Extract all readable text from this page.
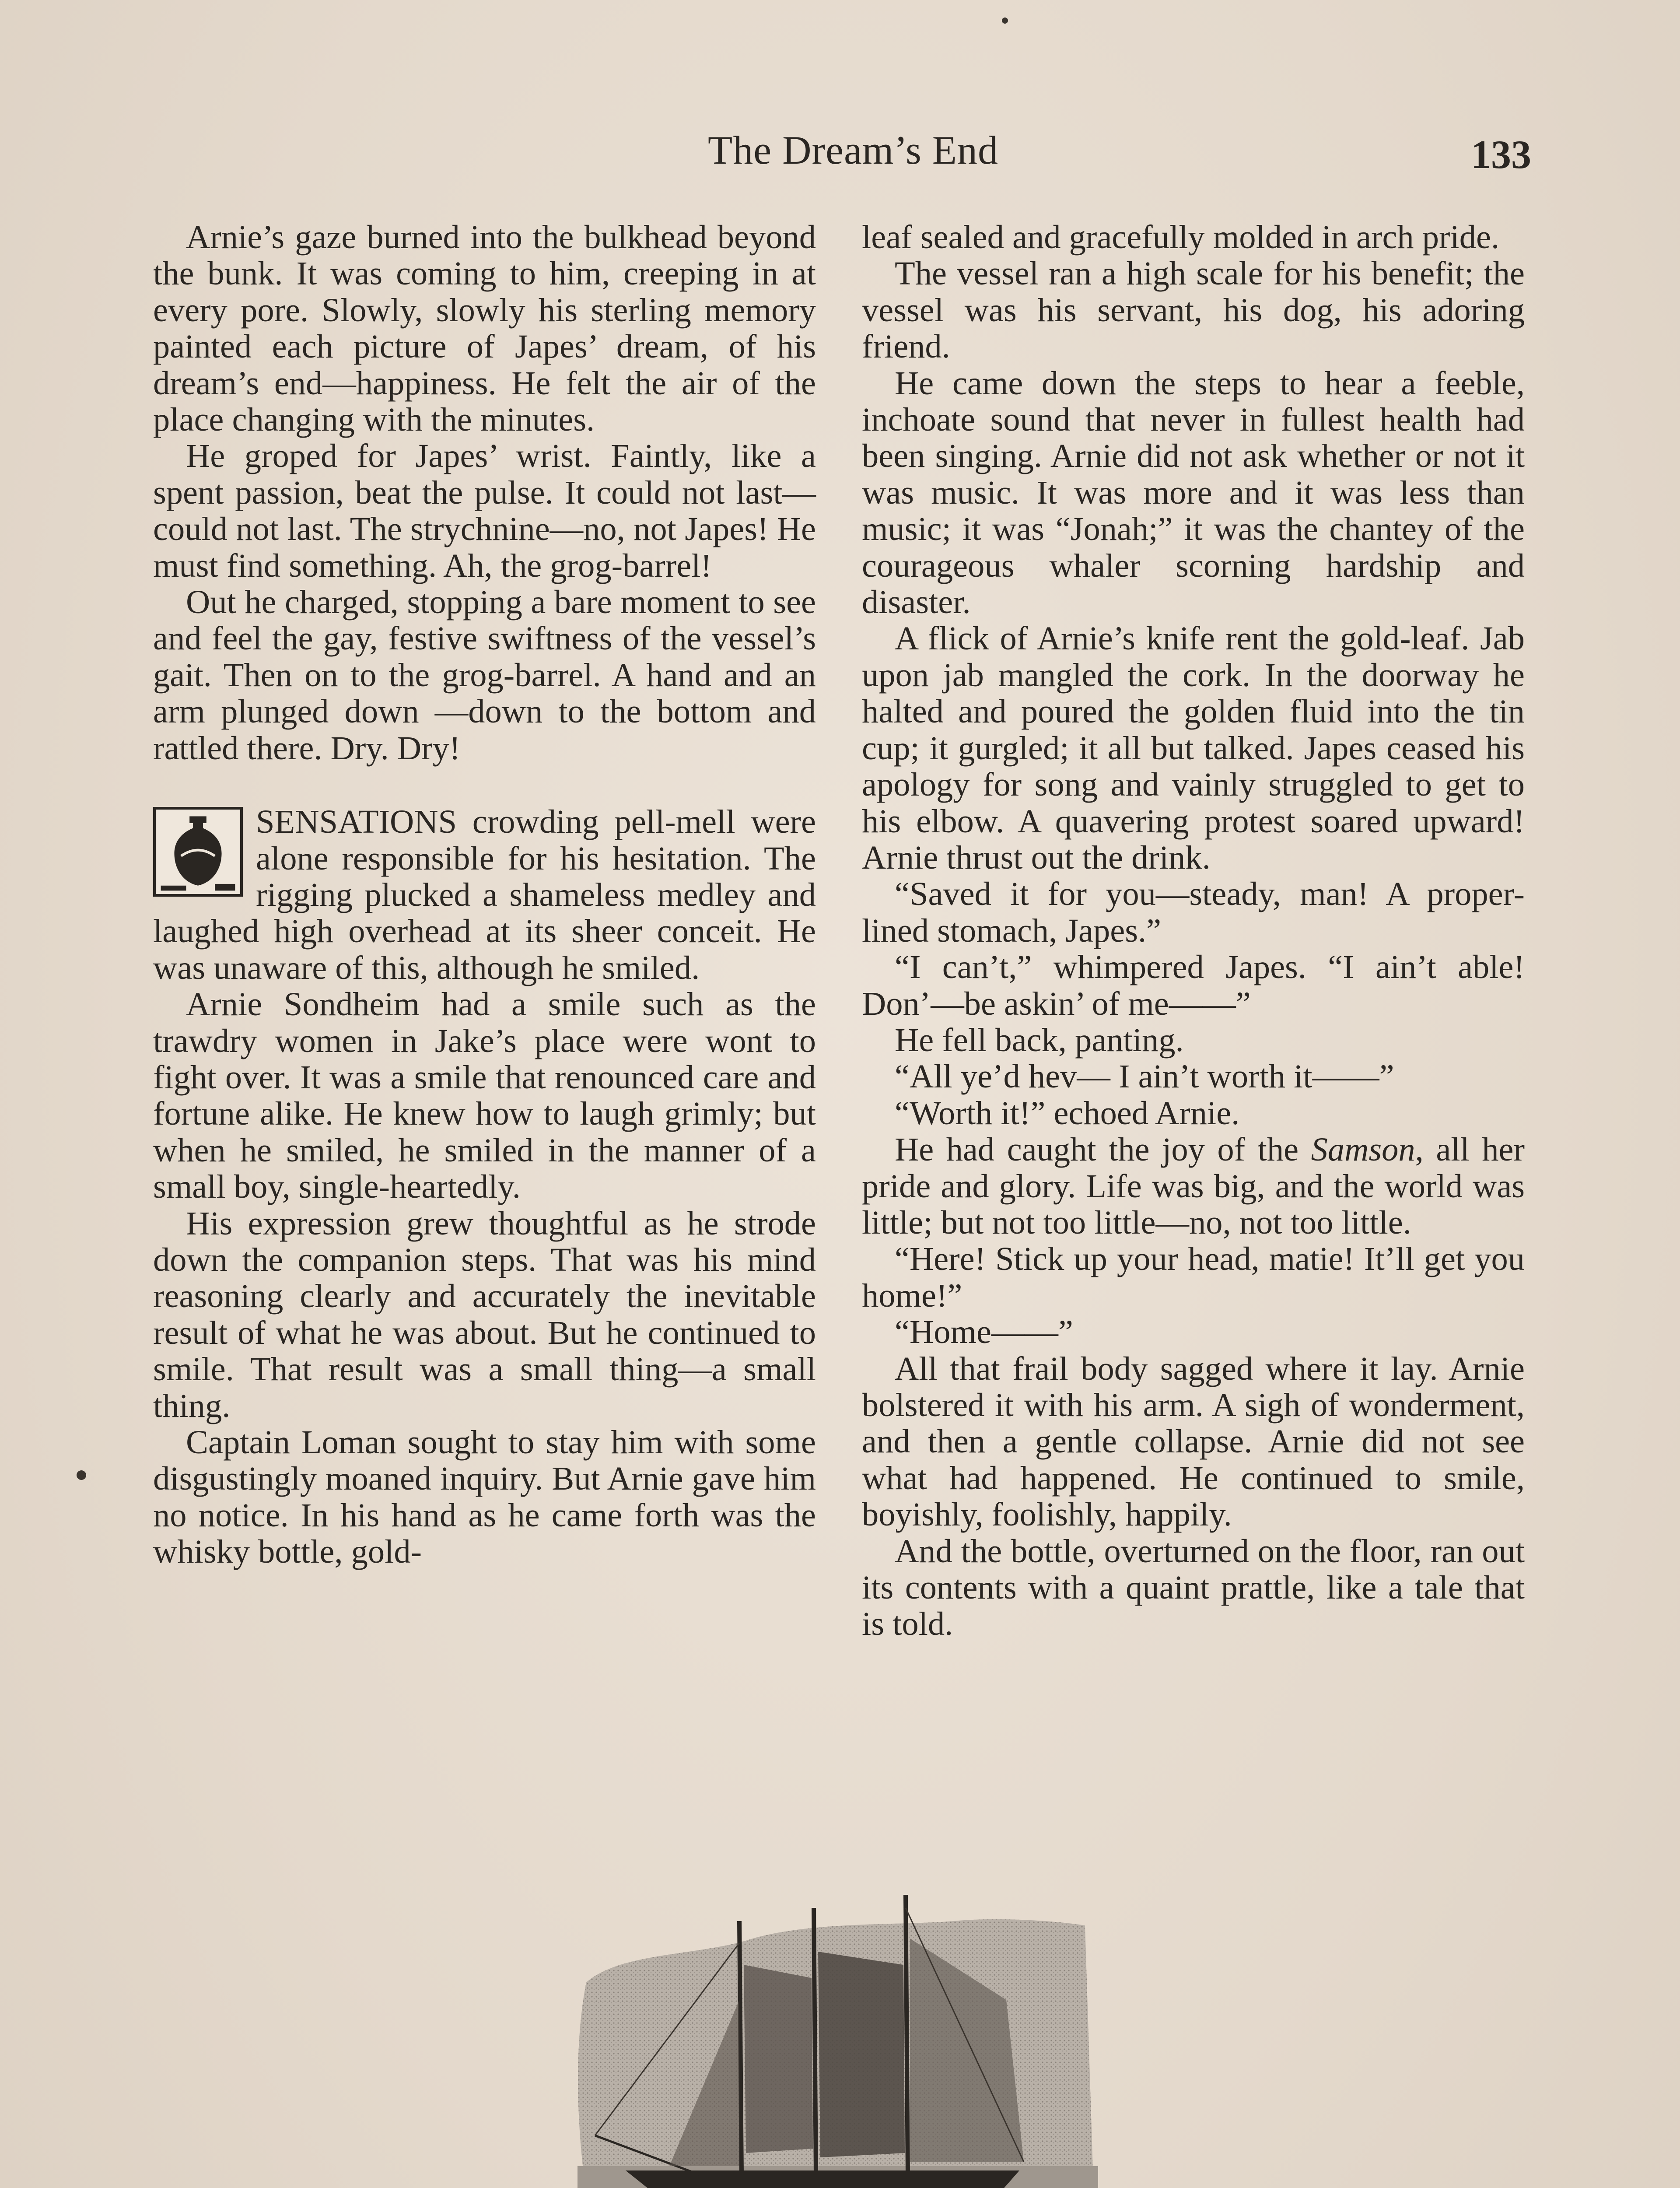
The Dream’s End	133

Arnie’s gaze burned into the bulkhead beyond the bunk. It was coming to him, creeping in at every pore. Slowly, slowly his sterling memory painted each picture of Japes’ dream, of his dream’s end—happiness. He felt the air of the place changing with the minutes.

He groped for Japes’ wrist. Faintly, like a spent passion, beat the pulse. It could not last—could not last. The strychnine—no, not Japes! He must find something. Ah, the grog-barrel!

Out he charged, stopping a bare moment to see and feel the gay, festive swiftness of the vessel’s gait. Then on to the grog-barrel. A hand and an arm plunged down —down to the bottom and rattled there. Dry. Dry!

SENSATIONS crowding pell-mell were alone responsible for his hesitation. The rigging plucked a shameless medley and laughed high overhead at its sheer conceit. He was unaware of this, although he smiled.

Arnie Sondheim had a smile such as the trawdry women in Jake’s place were wont to fight over. It was a smile that renounced care and fortune alike. He knew how to laugh grimly; but when he smiled, he smiled in the manner of a small boy, single-heartedly.

His expression grew thoughtful as he strode down the companion steps. That was his mind reasoning clearly and accurately the inevitable result of what he was about. But he continued to smile. That result was a small thing—a small thing.

Captain Loman sought to stay him with some disgustingly moaned inquiry. But Arnie gave him no notice. In his hand as he came forth was the whisky bottle, gold-

leaf sealed and gracefully molded in arch pride.

The vessel ran a high scale for his benefit; the vessel was his servant, his dog, his adoring friend.

He came down the steps to hear a feeble, inchoate sound that never in fullest health had been singing. Arnie did not ask whether or not it was music. It was more and it was less than music; it was “Jonah;” it was the chantey of the courageous whaler scorning hardship and disaster.

A flick of Arnie’s knife rent the gold-leaf. Jab upon jab mangled the cork. In the doorway he halted and poured the golden fluid into the tin cup; it gurgled; it all but talked. Japes ceased his apology for song and vainly struggled to get to his elbow. A quavering protest soared upward! Arnie thrust out the drink.

“Saved it for you—steady, man! A proper-lined stomach, Japes.”

“I can’t,” whimpered Japes. “I ain’t able! Don’—be askin’ of me——”

He fell back, panting.

“All ye’d hev— I ain’t worth it——”

“Worth it!” echoed Arnie.

He had caught the joy of the Samson, all her pride and glory. Life was big, and the world was little; but not too little—no, not too little.

“Here! Stick up your head, matie! It’ll get you home!”

“Home——”

All that frail body sagged where it lay. Arnie bolstered it with his arm. A sigh of wonderment, and then a gentle collapse. Arnie did not see what had happened. He continued to smile, boyishly, foolishly, happily.

And the bottle, overturned on the floor, ran out its contents with a quaint prattle, like a tale that is told.
